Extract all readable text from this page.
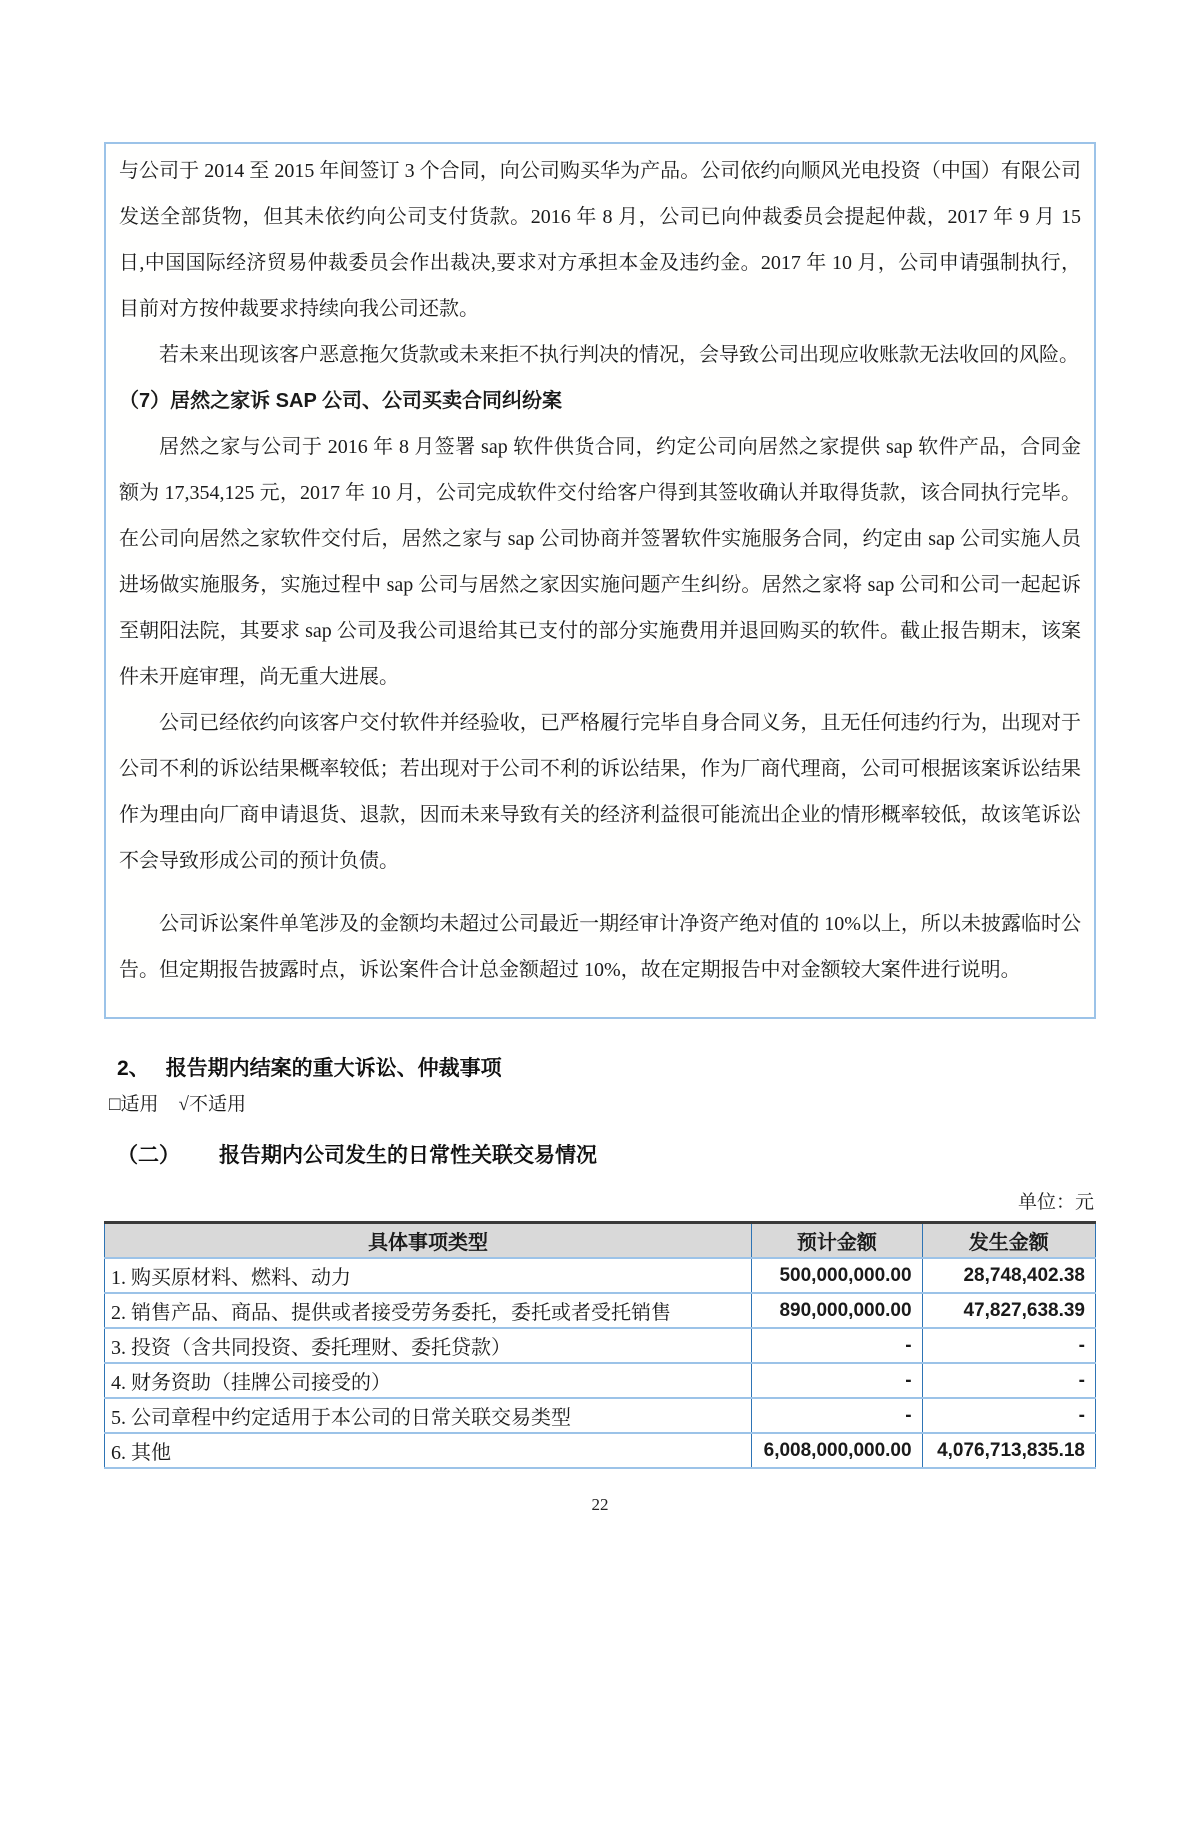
与公司于 2014 至 2015 年间签订 3 个合同，向公司购买华为产品。公司依约向顺风光电投资（中国）有限公司发送全部货物，但其未依约向公司支付货款。2016 年 8 月，公司已向仲裁委员会提起仲裁，2017 年 9 月 15 日,中国国际经济贸易仲裁委员会作出裁决,要求对方承担本金及违约金。2017 年 10 月，公司申请强制执行，目前对方按仲裁要求持续向我公司还款。

若未来出现该客户恶意拖欠货款或未来拒不执行判决的情况，会导致公司出现应收账款无法收回的风险。

（7）居然之家诉 SAP 公司、公司买卖合同纠纷案

居然之家与公司于 2016 年 8 月签署 sap 软件供货合同，约定公司向居然之家提供 sap 软件产品，合同金额为 17,354,125 元，2017 年 10 月，公司完成软件交付给客户得到其签收确认并取得货款，该合同执行完毕。在公司向居然之家软件交付后，居然之家与 sap 公司协商并签署软件实施服务合同，约定由 sap 公司实施人员进场做实施服务，实施过程中 sap 公司与居然之家因实施问题产生纠纷。居然之家将 sap 公司和公司一起起诉至朝阳法院，其要求 sap 公司及我公司退给其已支付的部分实施费用并退回购买的软件。截止报告期末，该案件未开庭审理，尚无重大进展。

公司已经依约向该客户交付软件并经验收，已严格履行完毕自身合同义务，且无任何违约行为，出现对于公司不利的诉讼结果概率较低；若出现对于公司不利的诉讼结果，作为厂商代理商，公司可根据该案诉讼结果作为理由向厂商申请退货、退款，因而未来导致有关的经济利益很可能流出企业的情形概率较低，故该笔诉讼不会导致形成公司的预计负债。

公司诉讼案件单笔涉及的金额均未超过公司最近一期经审计净资产绝对值的 10%以上，所以未披露临时公告。但定期报告披露时点，诉讼案件合计总金额超过 10%，故在定期报告中对金额较大案件进行说明。

2、 报告期内结案的重大诉讼、仲裁事项

□适用 √不适用

（二） 报告期内公司发生的日常性关联交易情况
单位：元
具体事项类型	预计金额	发生金额
1. 购买原材料、燃料、动力	500,000,000.00	28,748,402.38
2. 销售产品、商品、提供或者接受劳务委托，委托或者受托销售	890,000,000.00	47,827,638.39
3. 投资（含共同投资、委托理财、委托贷款）	-	-
4. 财务资助（挂牌公司接受的）	-	-
5. 公司章程中约定适用于本公司的日常关联交易类型	-	-
6. 其他	6,008,000,000.00	4,076,713,835.18
22
